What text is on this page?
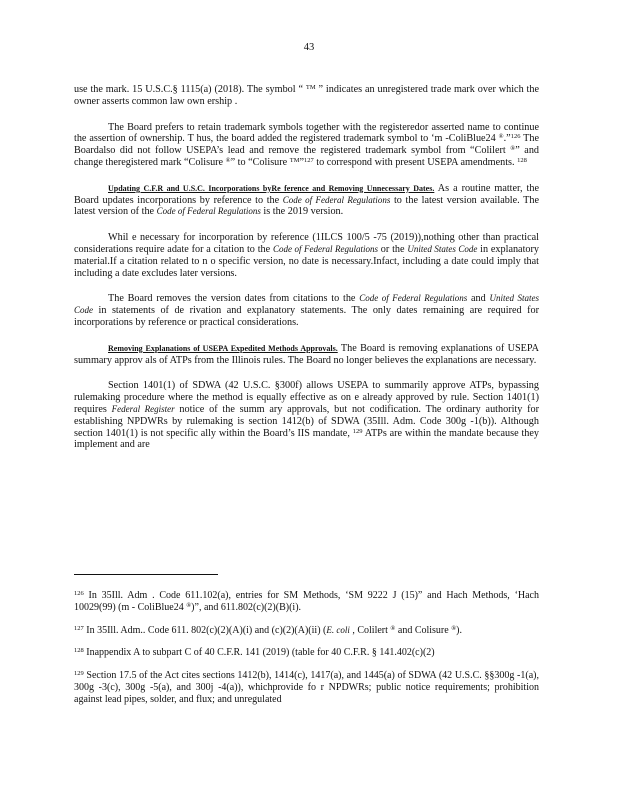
43

use the mark. 15 U.S.C.§ 1115(a) (2018). The symbol “ ™ ” indicates an unregistered trade mark over which the owner asserts common law own ership .

The Board prefers to retain trademark symbols together with the registeredor asserted name to continue the assertion of ownership. T hus, the board added the registered trademark symbol to ‘m -ColiBlue24 ®.”$^{126}$ The Boardalso did not follow USEPA’s lead and remove the registered trademark symbol from “Colilert ®” and change theregistered mark “Colisure ®” to “Colisure ™”$^{127}$ to correspond with present USEPA amendments. $^{128}$

Updating C.F.R and U.S.C. Incorporations byRe ference and Removing Unnecessary Dates. As a routine matter, the Board updates incorporations by reference to the Code of Federal Regulations to the latest version available. The latest version of the Code of Federal Regulations is the 2019 version.

Whil e necessary for incorporation by reference (1ILCS 100/5 -75 (2019)),nothing other than practical considerations require adate for a citation to the Code of Federal Regulations or the United States Code in explanatory material.If a citation related to n o specific version, no date is necessary.Infact, including a date could imply that including a date excludes later versions.

The Board removes the version dates from citations to the Code of Federal Regulations and United States Code in statements of de rivation and explanatory statements. The only dates remaining are required for incorporations by reference or practical considerations.

Removing Explanations of USEPA Expedited Methods Approvals. The Board is removing explanations of USEPA summary approv als of ATPs from the Illinois rules. The Board no longer believes the explanations are necessary.

Section 1401(1) of SDWA (42 U.S.C. §300f) allows USEPA to summarily approve ATPs, bypassing rulemaking procedure where the method is equally effective as on e already approved by rule. Section 1401(1) requires Federal Register notice of the summ ary approvals, but not codification. The ordinary authority for establishing NPDWRs by rulemaking is section 1412(b) of SDWA (35Ill. Adm. Code 300g -1(b)). Although section 1401(1) is not specific ally within the Board’s IIS mandate, $^{129}$ ATPs are within the mandate because they implement and are

$^{126}$ In 35Ill. Adm . Code 611.102(a), entries for SM Methods, ‘SM 9222 J (15)” and Hach Methods, ‘Hach 10029(99) (m - ColiBlue24 ®)”, and 611.802(c)(2)(B)(i).

$^{127}$ In 35Ill. Adm.. Code 611. 802(c)(2)(A)(i) and (c)(2)(A)(ii) (E. coli , Colilert ® and Colisure ®).

$^{128}$ Inappendix A to subpart C of 40 C.F.R. 141 (2019) (table for 40 C.F.R. § 141.402(c)(2)

$^{129}$ Section 17.5 of the Act cites sections 1412(b), 1414(c), 1417(a), and 1445(a) of SDWA (42 U.S.C. §§300g -1(a), 300g -3(c), 300g -5(a), and 300j -4(a)), whichprovide fo r NPDWRs; public notice requirements; prohibition against lead pipes, solder, and flux; and unregulated
